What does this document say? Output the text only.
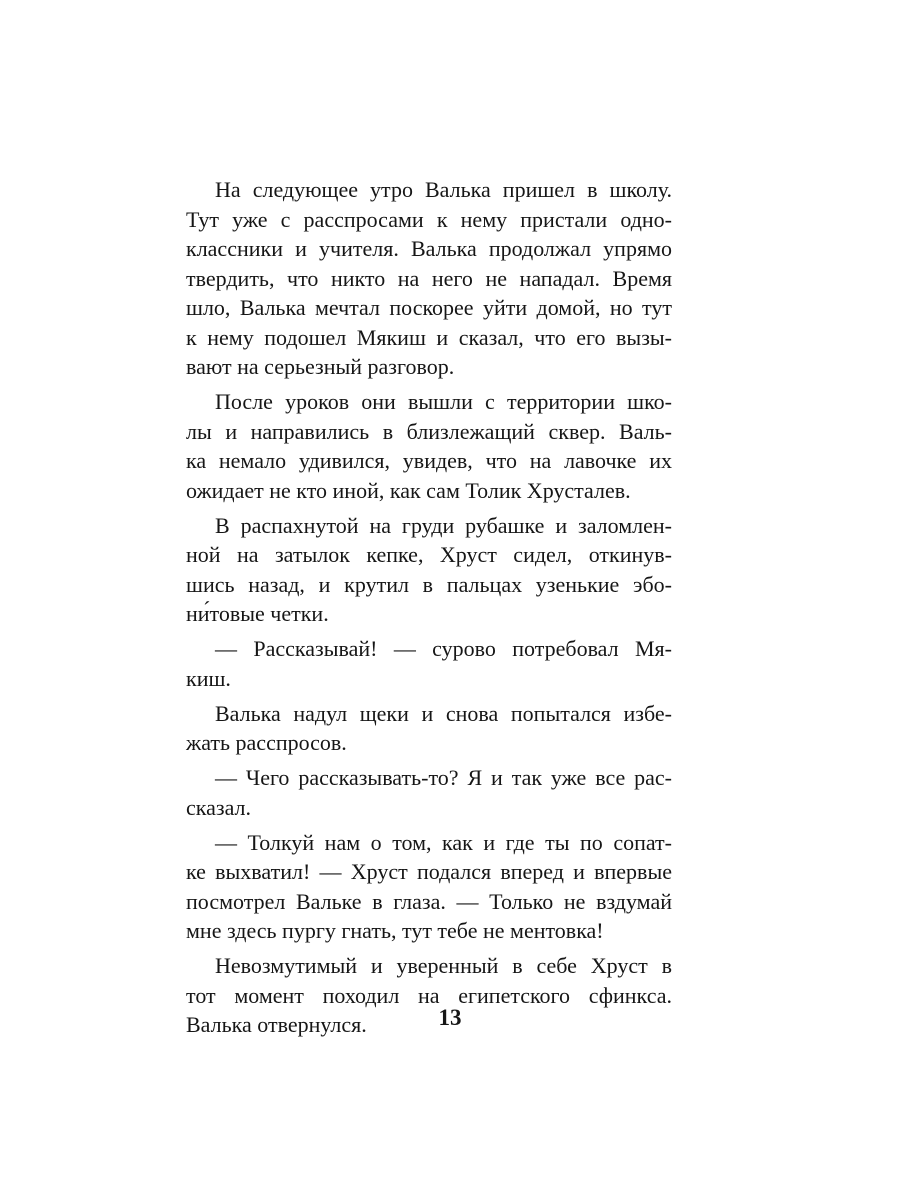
На следующее утро Валька пришел в школу.
Тут уже с расспросами к нему пристали одно-
классники и учителя. Валька продолжал упрямо
твердить, что никто на него не нападал. Время
шло, Валька мечтал поскорее уйти домой, но тут
к нему подошел Мякиш и сказал, что его вызы-
вают на серьезный разговор.
После уроков они вышли с территории шко-
лы и направились в близлежащий сквер. Валь-
ка немало удивился, увидев, что на лавочке их
ожидает не кто иной, как сам Толик Хрусталев.
В распахнутой на груди рубашке и заломлен-
ной на затылок кепке, Хруст сидел, откинув-
шись назад, и крутил в пальцах узенькие эбо-
ни́товые четки.
— Рассказывай! — сурово потребовал Мя-
киш.
Валька надул щеки и снова попытался избе-
жать расспросов.
— Чего рассказывать-то? Я и так уже все рас-
сказал.
— Толкуй нам о том, как и где ты по сопат-
ке выхватил! — Хруст подался вперед и впервые
посмотрел Вальке в глаза. — Только не вздумай
мне здесь пургу гнать, тут тебе не ментовка!
Невозмутимый и уверенный в себе Хруст в
тот момент походил на египетского сфинкса.
Валька отвернулся.	13
